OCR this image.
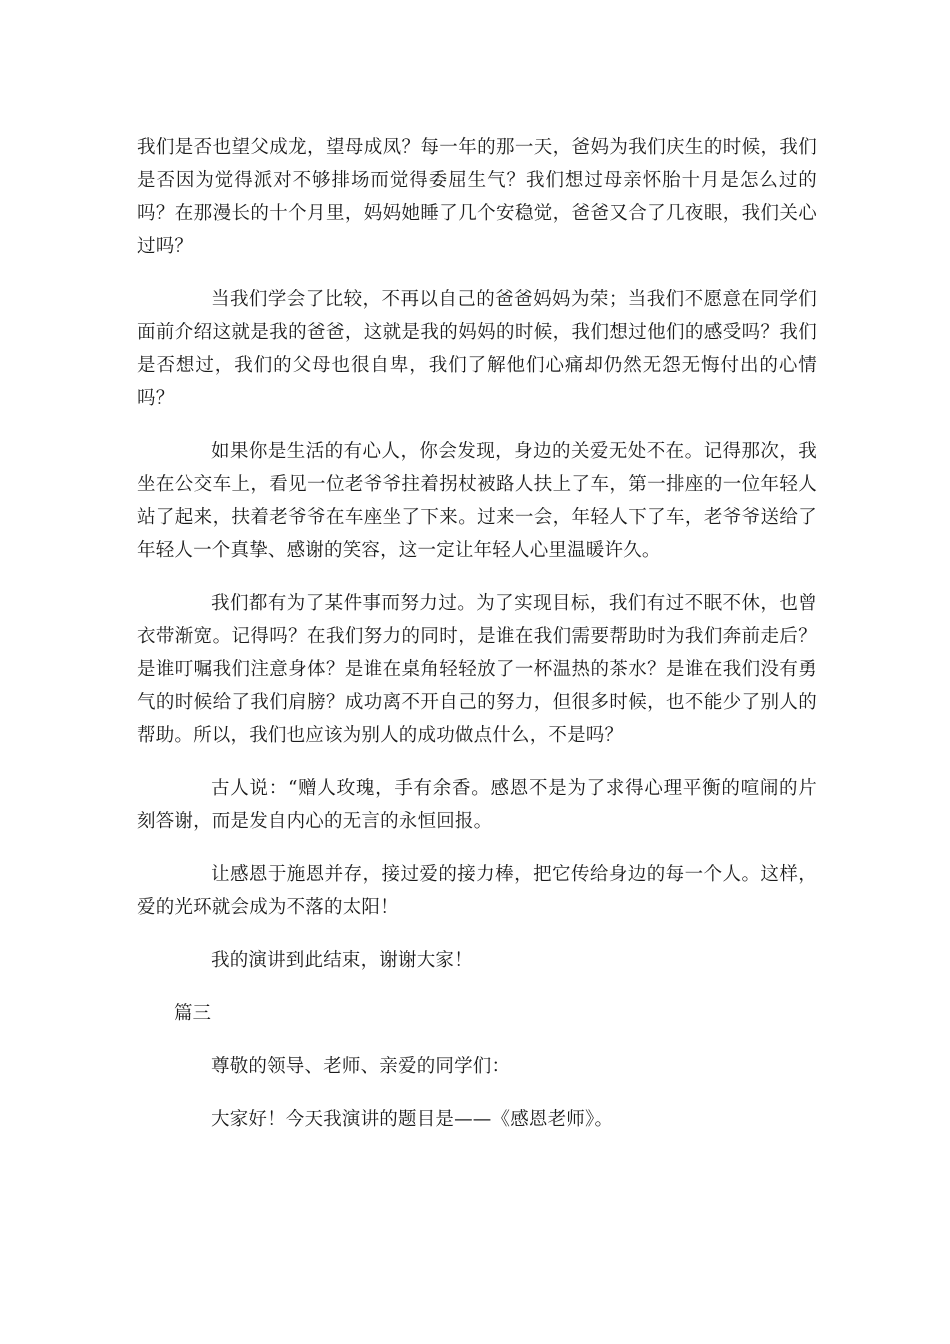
我们是否也望父成龙，望母成凤？每一年的那一天，爸妈为我们庆生的时候，我们是否因为觉得派对不够排场而觉得委屈生气？我们想过母亲怀胎十月是怎么过的吗？在那漫长的十个月里，妈妈她睡了几个安稳觉，爸爸又合了几夜眼，我们关心过吗？

当我们学会了比较，不再以自己的爸爸妈妈为荣；当我们不愿意在同学们面前介绍这就是我的爸爸，这就是我的妈妈的时候，我们想过他们的感受吗？我们是否想过，我们的父母也很自卑，我们了解他们心痛却仍然无怨无悔付出的心情吗？

如果你是生活的有心人，你会发现，身边的关爱无处不在。记得那次，我坐在公交车上，看见一位老爷爷拄着拐杖被路人扶上了车，第一排座的一位年轻人站了起来，扶着老爷爷在车座坐了下来。过来一会，年轻人下了车，老爷爷送给了年轻人一个真挚、感谢的笑容，这一定让年轻人心里温暖许久。

我们都有为了某件事而努力过。为了实现目标，我们有过不眠不休，也曾衣带渐宽。记得吗？在我们努力的同时，是谁在我们需要帮助时为我们奔前走后？是谁叮嘱我们注意身体？是谁在桌角轻轻放了一杯温热的茶水？是谁在我们没有勇气的时候给了我们肩膀？成功离不开自己的努力，但很多时候，也不能少了别人的帮助。所以，我们也应该为别人的成功做点什么，不是吗？

古人说：“赠人玫瑰，手有余香。感恩不是为了求得心理平衡的喧闹的片刻答谢，而是发自内心的无言的永恒回报。

让感恩于施恩并存，接过爱的接力棒，把它传给身边的每一个人。这样，爱的光环就会成为不落的太阳！

我的演讲到此结束，谢谢大家！

篇三

尊敬的领导、老师、亲爱的同学们：

大家好！今天我演讲的题目是——《感恩老师》。
